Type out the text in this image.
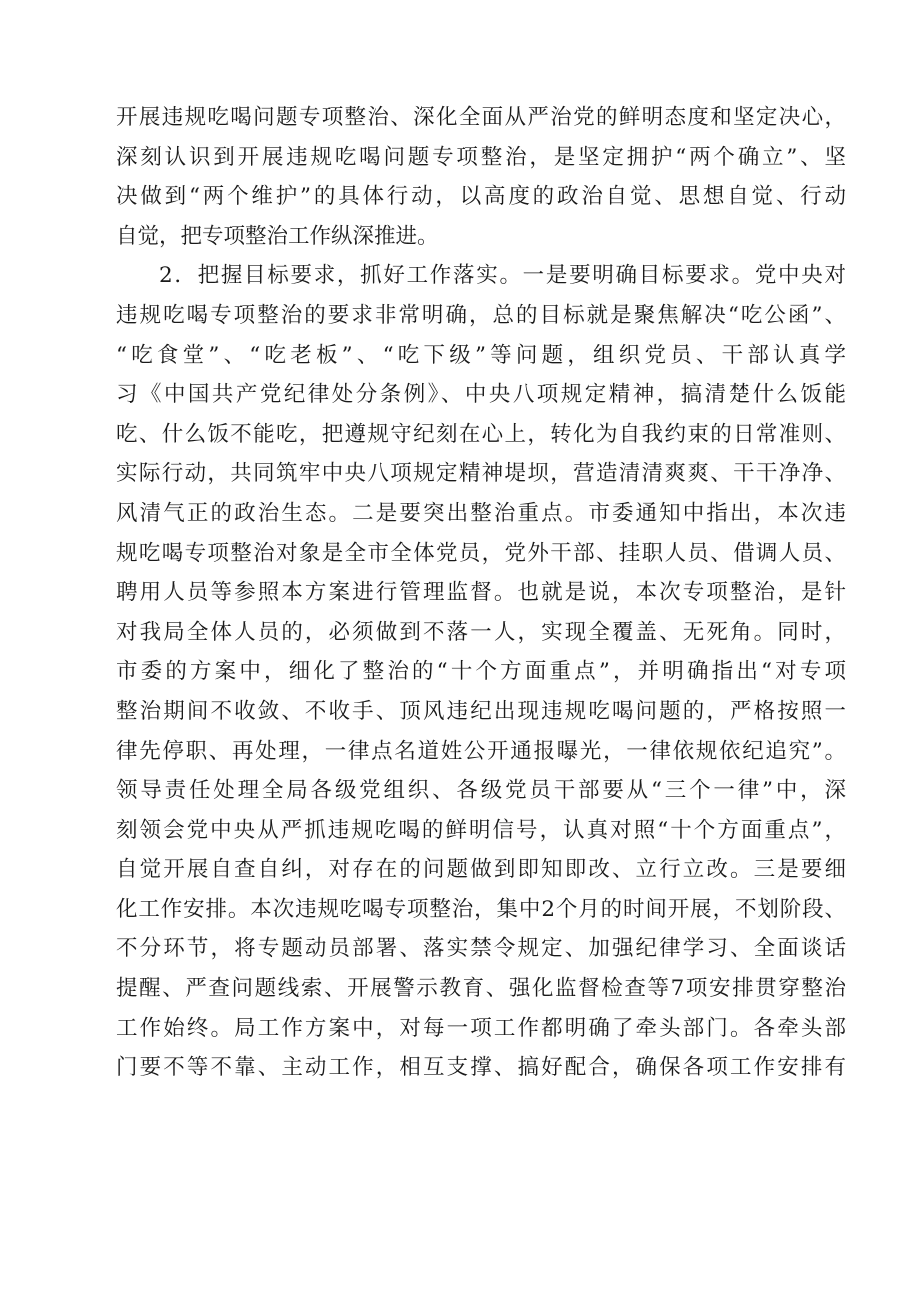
开展违规吃喝问题专项整治、深化全面从严治党的鲜明态度和坚定决心，
深刻认识到开展违规吃喝问题专项整治，是坚定拥护“两个确立”、坚
决做到“两个维护”的具体行动，以高度的政治自觉、思想自觉、行动
自觉，把专项整治工作纵深推进。
2．把握目标要求，抓好工作落实。一是要明确目标要求。党中央对
违规吃喝专项整治的要求非常明确，总的目标就是聚焦解决“吃公函”、
“吃食堂”、“吃老板”、“吃下级”等问题，组织党员、干部认真学
习《中国共产党纪律处分条例》、中央八项规定精神，搞清楚什么饭能
吃、什么饭不能吃，把遵规守纪刻在心上，转化为自我约束的日常准则、
实际行动，共同筑牢中央八项规定精神堤坝，营造清清爽爽、干干净净、
风清气正的政治生态。二是要突出整治重点。市委通知中指出，本次违
规吃喝专项整治对象是全市全体党员，党外干部、挂职人员、借调人员、
聘用人员等参照本方案进行管理监督。也就是说，本次专项整治，是针
对我局全体人员的，必须做到不落一人，实现全覆盖、无死角。同时，
市委的方案中，细化了整治的“十个方面重点”，并明确指出“对专项
整治期间不收敛、不收手、顶风违纪出现违规吃喝问题的，严格按照一
律先停职、再处理，一律点名道姓公开通报曝光，一律依规依纪追究”。
领导责任处理全局各级党组织、各级党员干部要从“三个一律”中，深
刻领会党中央从严抓违规吃喝的鲜明信号，认真对照“十个方面重点”，
自觉开展自查自纠，对存在的问题做到即知即改、立行立改。三是要细
化工作安排。本次违规吃喝专项整治，集中2个月的时间开展，不划阶段、
不分环节，将专题动员部署、落实禁令规定、加强纪律学习、全面谈话
提醒、严查问题线索、开展警示教育、强化监督检查等7项安排贯穿整治
工作始终。局工作方案中，对每一项工作都明确了牵头部门。各牵头部
门要不等不靠、主动工作，相互支撑、搞好配合，确保各项工作安排有
